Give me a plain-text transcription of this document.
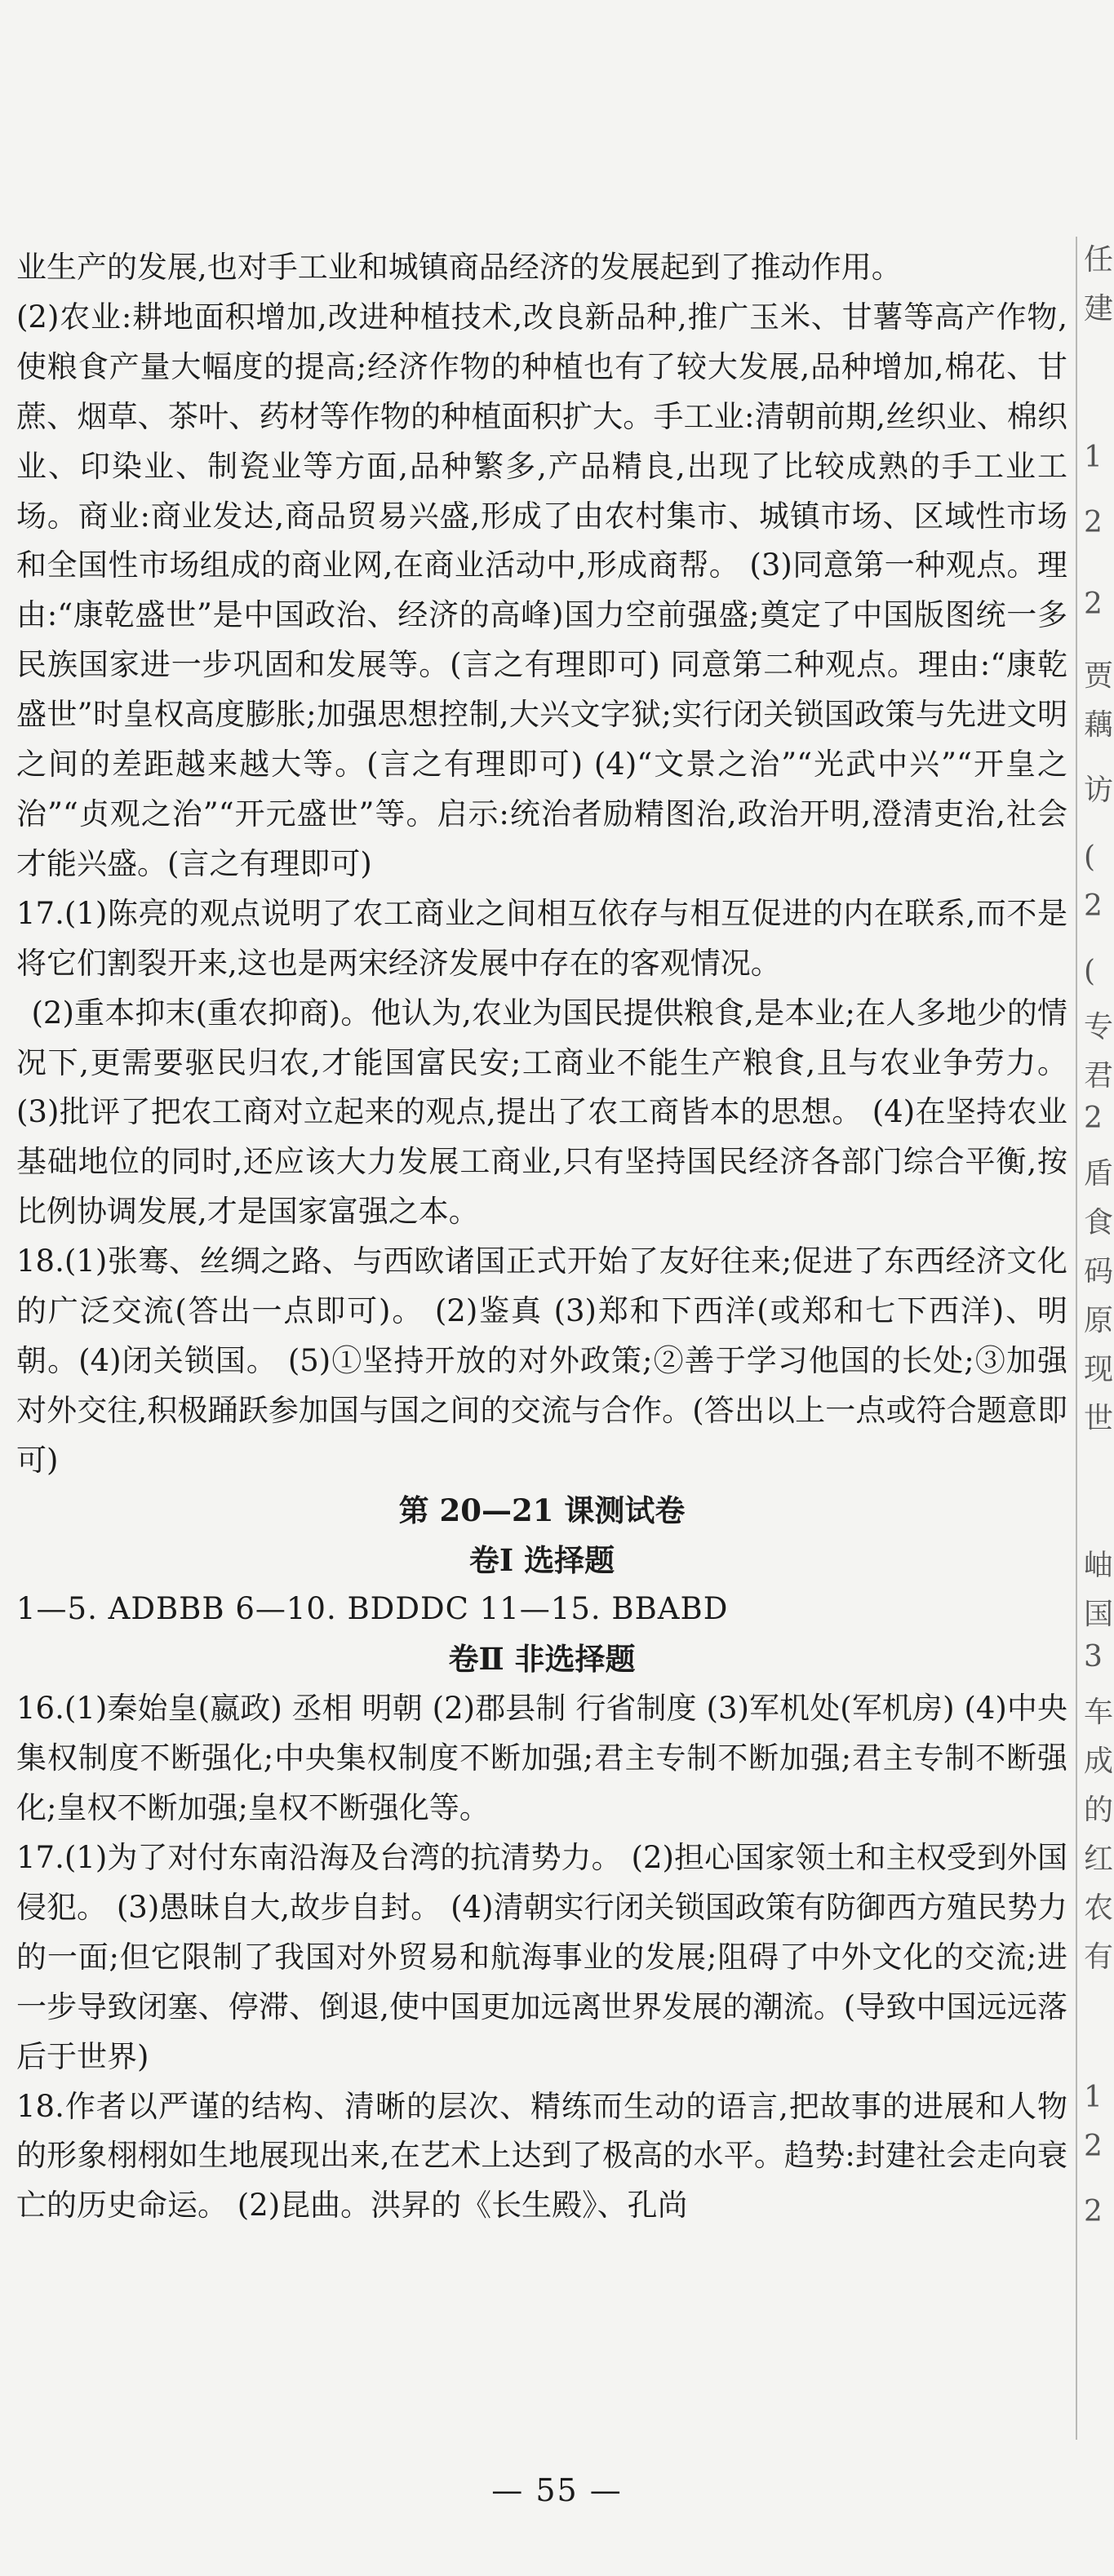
业生产的发展,也对手工业和城镇商品经济的发展起到了推动作用。

(2)农业:耕地面积增加,改进种植技术,改良新品种,推广玉米、甘薯等高产作物,使粮食产量大幅度的提高;经济作物的种植也有了较大发展,品种增加,棉花、甘蔗、烟草、茶叶、药材等作物的种植面积扩大。手工业:清朝前期,丝织业、棉织业、印染业、制瓷业等方面,品种繁多,产品精良,出现了比较成熟的手工业工场。商业:商业发达,商品贸易兴盛,形成了由农村集市、城镇市场、区域性市场和全国性市场组成的商业网,在商业活动中,形成商帮。 (3)同意第一种观点。理由:“康乾盛世”是中国政治、经济的高峰)国力空前强盛;奠定了中国版图统一多民族国家进一步巩固和发展等。(言之有理即可) 同意第二种观点。理由:“康乾盛世”时皇权高度膨胀;加强思想控制,大兴文字狱;实行闭关锁国政策与先进文明之间的差距越来越大等。(言之有理即可) (4)“文景之治”“光武中兴”“开皇之治”“贞观之治”“开元盛世”等。启示:统治者励精图治,政治开明,澄清吏治,社会才能兴盛。(言之有理即可)

17.(1)陈亮的观点说明了农工商业之间相互依存与相互促进的内在联系,而不是将它们割裂开来,这也是两宋经济发展中存在的客观情况。

(2)重本抑末(重农抑商)。他认为,农业为国民提供粮食,是本业;在人多地少的情况下,更需要驱民归农,才能国富民安;工商业不能生产粮食,且与农业争劳力。 (3)批评了把农工商对立起来的观点,提出了农工商皆本的思想。 (4)在坚持农业基础地位的同时,还应该大力发展工商业,只有坚持国民经济各部门综合平衡,按比例协调发展,才是国家富强之本。

18.(1)张骞、丝绸之路、与西欧诸国正式开始了友好往来;促进了东西经济文化的广泛交流(答出一点即可)。 (2)鉴真 (3)郑和下西洋(或郑和七下西洋)、明朝。(4)闭关锁国。 (5)①坚持开放的对外政策;②善于学习他国的长处;③加强对外交往,积极踊跃参加国与国之间的交流与合作。(答出以上一点或符合题意即可)

第 20—21 课测试卷

卷Ⅰ 选择题

1—5. ADBBB 6—10. BDDDC 11—15. BBABD

卷Ⅱ 非选择题

16.(1)秦始皇(嬴政) 丞相 明朝 (2)郡县制 行省制度 (3)军机处(军机房) (4)中央集权制度不断强化;中央集权制度不断加强;君主专制不断加强;君主专制不断强化;皇权不断加强;皇权不断强化等。

17.(1)为了对付东南沿海及台湾的抗清势力。 (2)担心国家领土和主权受到外国侵犯。 (3)愚昧自大,故步自封。 (4)清朝实行闭关锁国政策有防御西方殖民势力的一面;但它限制了我国对外贸易和航海事业的发展;阻碍了中外文化的交流;进一步导致闭塞、停滞、倒退,使中国更加远离世界发展的潮流。(导致中国远远落后于世界)

18.作者以严谨的结构、清晰的层次、精练而生动的语言,把故事的进展和人物的形象栩栩如生地展现出来,在艺术上达到了极高的水平。趋势:封建社会走向衰亡的历史命运。 (2)昆曲。洪昇的《长生殿》、孔尚

任
建
1
2
2
贾
藕
访
(
2
(
专
君
2
盾
食
码
原
现
世
岫
国
3
车
成
的
红
农
有
1
2
2
— 55 —
